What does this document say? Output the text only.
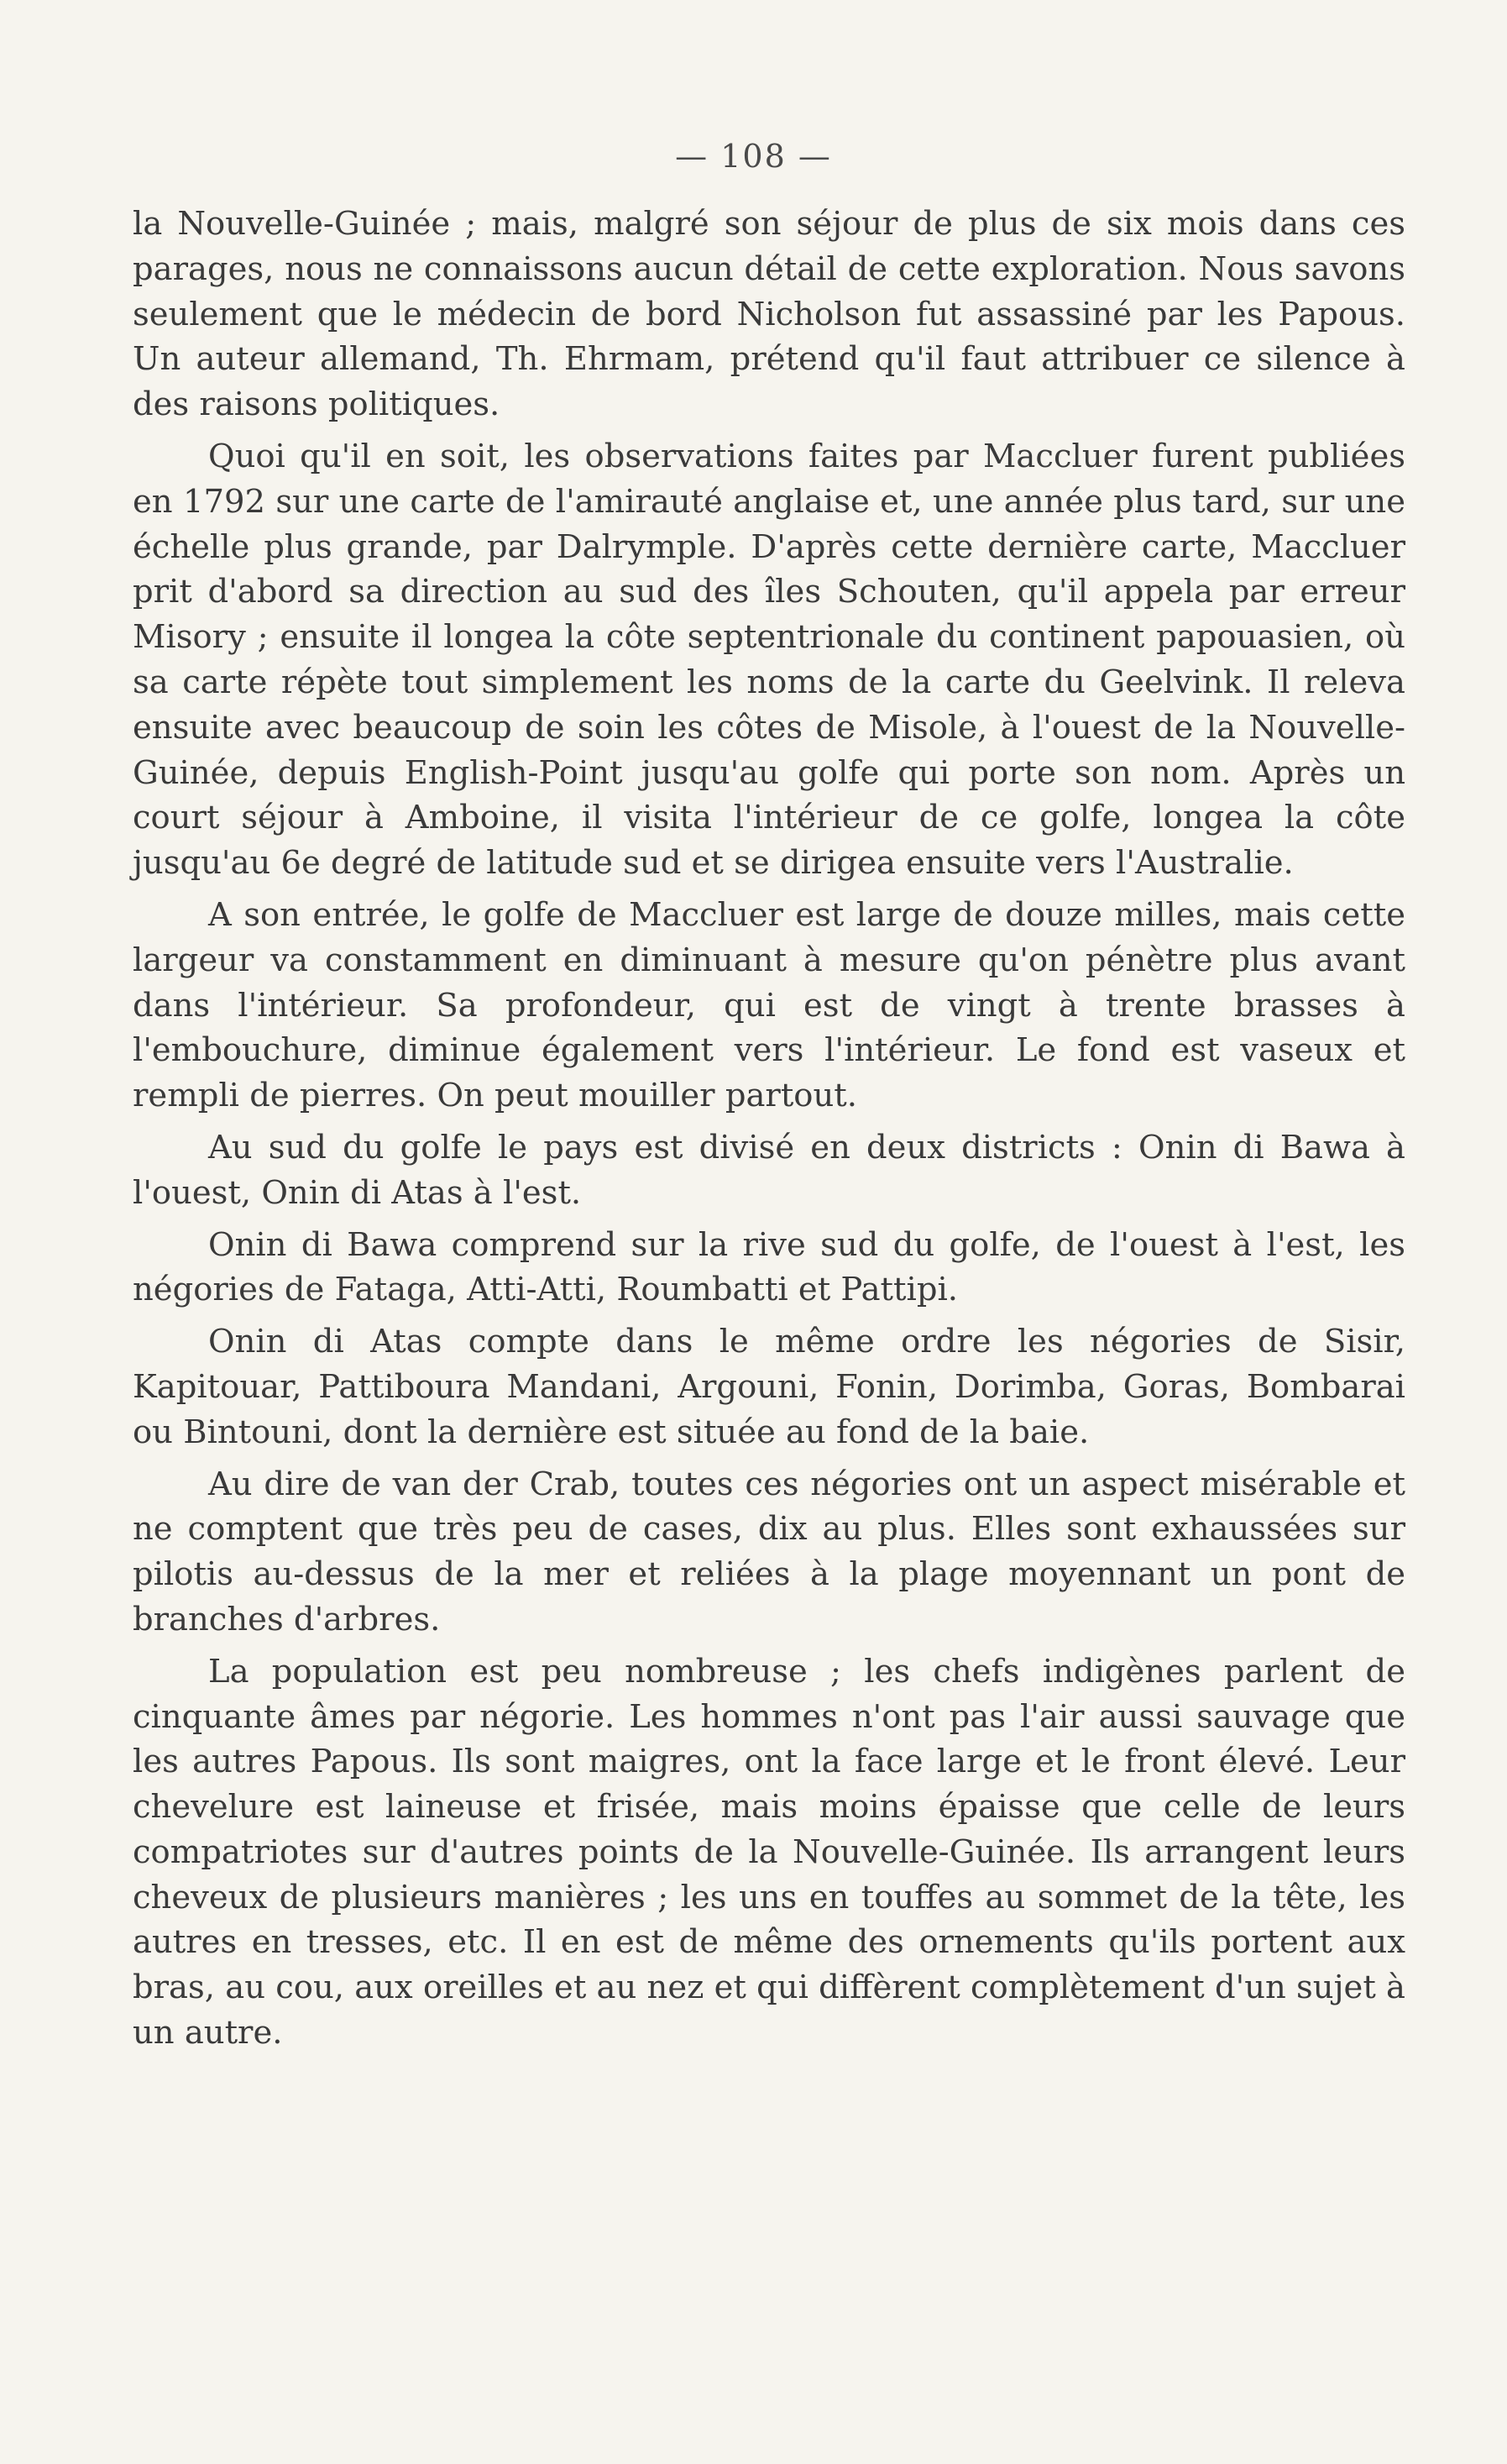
— 108 —

la Nouvelle-Guinée ; mais, malgré son séjour de plus de six mois dans ces parages, nous ne connaissons aucun détail de cette exploration. Nous savons seulement que le médecin de bord Nicholson fut assassiné par les Papous. Un auteur allemand, Th. Ehrmam, prétend qu'il faut attribuer ce silence à des raisons politiques.

Quoi qu'il en soit, les observations faites par Maccluer furent publiées en 1792 sur une carte de l'amirauté anglaise et, une année plus tard, sur une échelle plus grande, par Dalrymple. D'après cette dernière carte, Maccluer prit d'abord sa direction au sud des îles Schouten, qu'il appela par erreur Misory ; ensuite il longea la côte septentrionale du continent papouasien, où sa carte répète tout simplement les noms de la carte du Geelvink. Il releva ensuite avec beaucoup de soin les côtes de Misole, à l'ouest de la Nouvelle-Guinée, depuis English-Point jusqu'au golfe qui porte son nom. Après un court séjour à Amboine, il visita l'intérieur de ce golfe, longea la côte jusqu'au 6e degré de latitude sud et se dirigea ensuite vers l'Australie.

A son entrée, le golfe de Maccluer est large de douze milles, mais cette largeur va constamment en diminuant à mesure qu'on pénètre plus avant dans l'intérieur. Sa profondeur, qui est de vingt à trente brasses à l'embouchure, diminue également vers l'intérieur. Le fond est vaseux et rempli de pierres. On peut mouiller partout.

Au sud du golfe le pays est divisé en deux districts : Onin di Bawa à l'ouest, Onin di Atas à l'est.

Onin di Bawa comprend sur la rive sud du golfe, de l'ouest à l'est, les négories de Fataga, Atti-Atti, Roumbatti et Pattipi.

Onin di Atas compte dans le même ordre les négories de Sisir, Kapitouar, Pattiboura Mandani, Argouni, Fonin, Dorimba, Goras, Bombarai ou Bintouni, dont la dernière est située au fond de la baie.

Au dire de van der Crab, toutes ces négories ont un aspect misérable et ne comptent que très peu de cases, dix au plus. Elles sont exhaussées sur pilotis au-dessus de la mer et reliées à la plage moyennant un pont de branches d'arbres.

La population est peu nombreuse ; les chefs indigènes parlent de cinquante âmes par négorie. Les hommes n'ont pas l'air aussi sauvage que les autres Papous. Ils sont maigres, ont la face large et le front élevé. Leur chevelure est laineuse et frisée, mais moins épaisse que celle de leurs compatriotes sur d'autres points de la Nouvelle-Guinée. Ils arrangent leurs cheveux de plusieurs manières ; les uns en touffes au sommet de la tête, les autres en tresses, etc. Il en est de même des ornements qu'ils portent aux bras, au cou, aux oreilles et au nez et qui diffèrent complètement d'un sujet à un autre.
